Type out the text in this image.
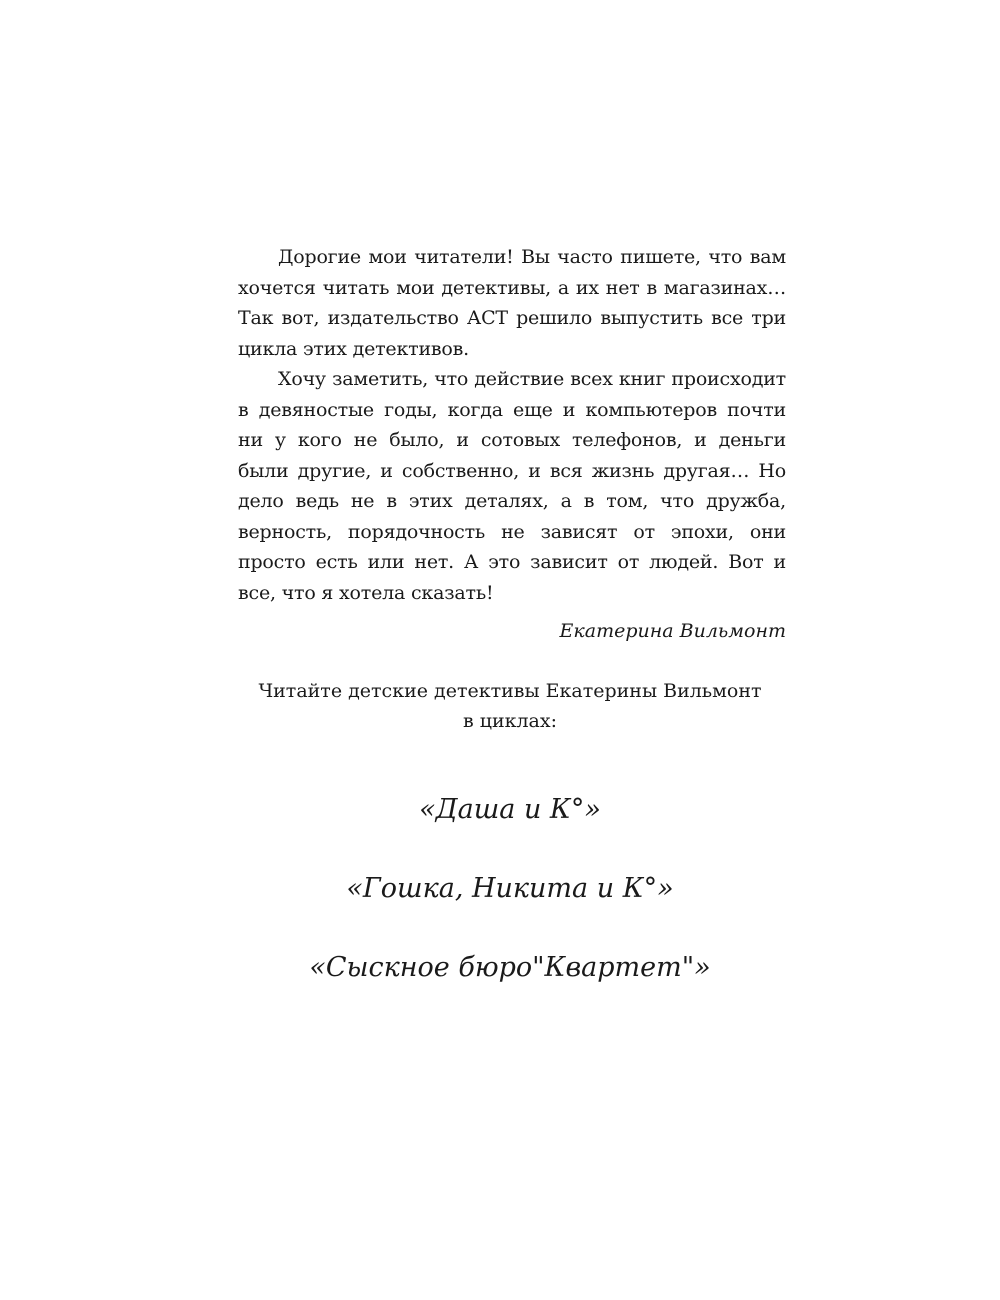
Дорогие мои читатели! Вы часто пишете, что вам хочется читать мои детективы, а их нет в магазинах… Так вот, издательство АСТ решило выпустить все три цикла этих детективов.

Хочу заметить, что действие всех книг происходит в девяностые годы, когда еще и компьютеров почти ни у кого не было, и сотовых телефонов, и деньги были другие, и собственно, и вся жизнь другая… Но дело ведь не в этих деталях, а в том, что дружба, верность, порядочность не зависят от эпохи, они просто есть или нет. А это зависит от людей. Вот и все, что я хотела сказать!

Екатерина Вильмонт
Читайте детские детективы Екатерины Вильмонт
в циклах:
«Даша и К°»
«Гошка, Никита и К°»
«Сыскное бюро"Квартет"»
